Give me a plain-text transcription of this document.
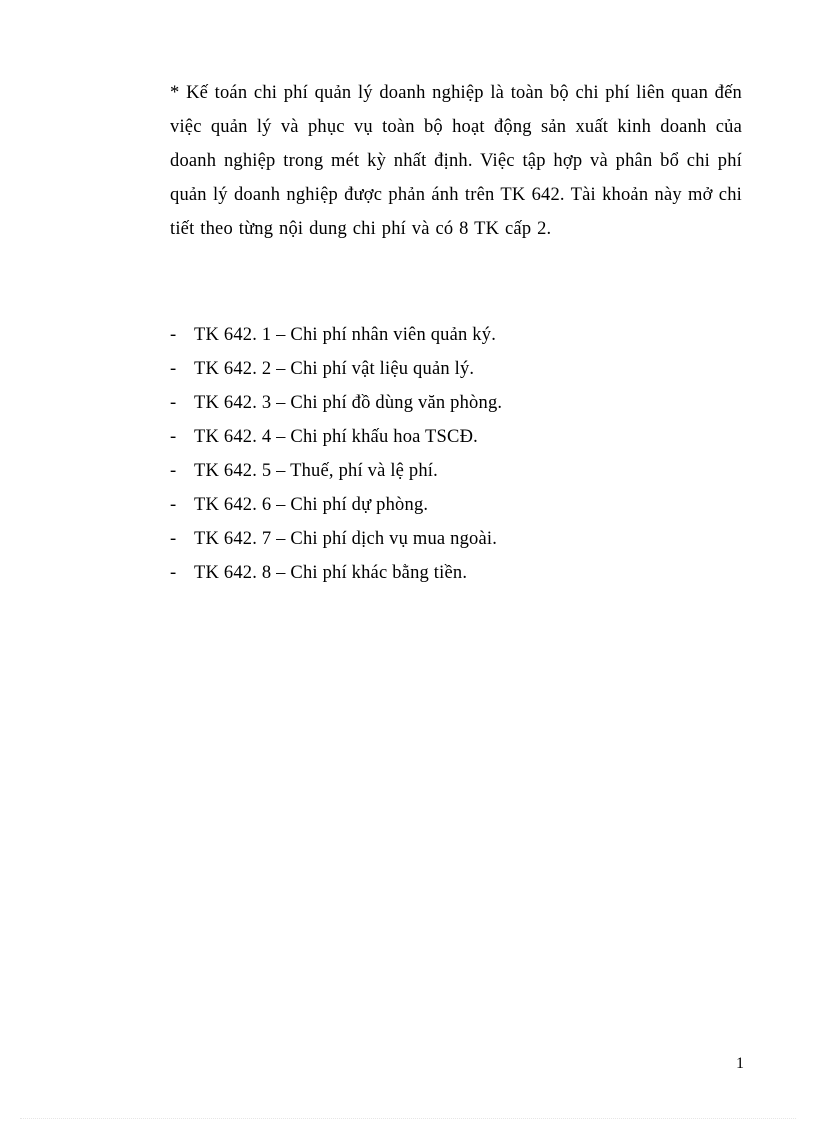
* Kế toán chi phí quản lý doanh nghiệp là toàn bộ chi phí liên quan đến việc quản lý và phục vụ toàn bộ hoạt động sản xuất kinh doanh của doanh nghiệp trong mét kỳ nhất định. Việc tập hợp và phân bổ chi phí quản lý doanh nghiệp được phản ánh trên TK 642. Tài khoản này mở chi tiết theo từng nội dung chi phí và có 8 TK cấp 2.

- TK 642. 1 – Chi phí nhân viên quản ký.
- TK 642. 2 – Chi phí vật liệu quản lý.
- TK 642. 3 – Chi phí đồ dùng văn phòng.
- TK 642. 4 – Chi phí khấu hoa TSCĐ.
- TK 642. 5 – Thuế, phí và lệ phí.
- TK 642. 6 – Chi phí dự phòng.
- TK 642. 7 – Chi phí dịch vụ mua ngoài.
- TK 642. 8 – Chi phí khác bằng tiền.
1
